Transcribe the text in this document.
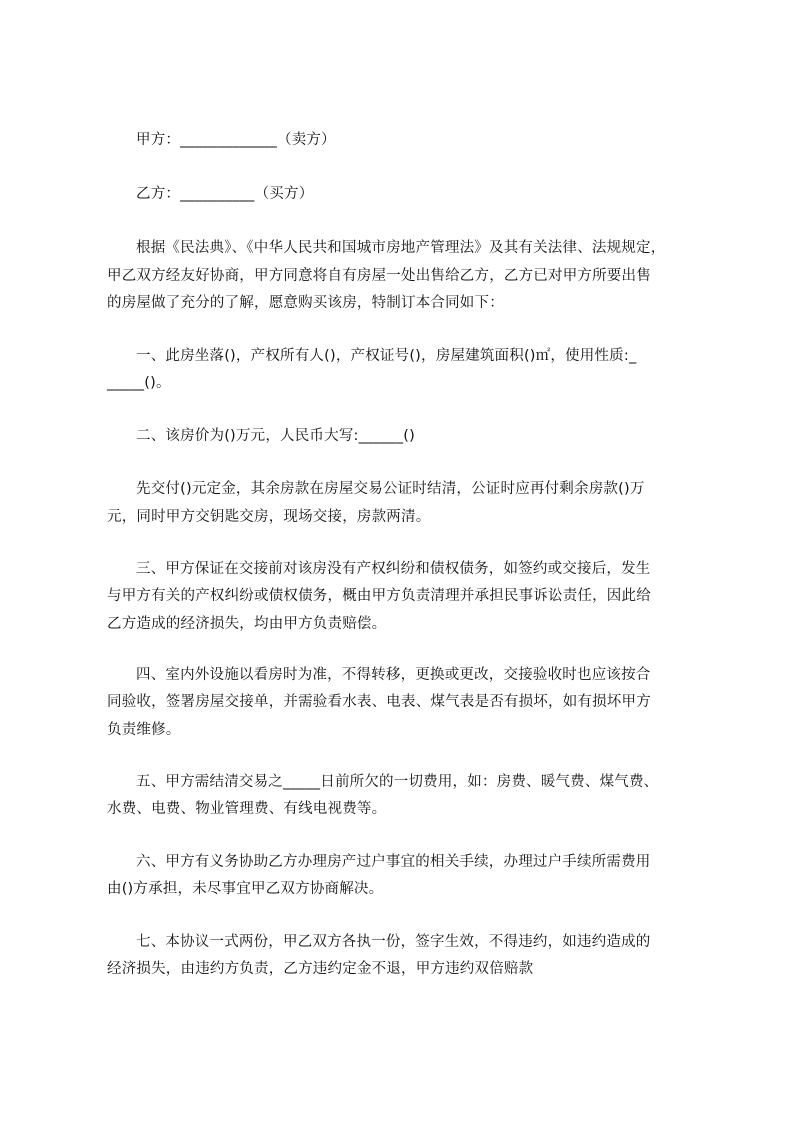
甲方：_____________（卖方）
乙方：__________（买方）
根据《民法典》、《中华人民共和国城市房地产管理法》及其有关法律、法规规定，
甲乙双方经友好协商，甲方同意将自有房屋一处出售给乙方，乙方已对甲方所要出售
的房屋做了充分的了解，愿意购买该房，特制订本合同如下：
一、此房坐落()，产权所有人()，产权证号()，房屋建筑面积()㎡，使用性质:_
_____()。
二、该房价为()万元，人民币大写:______()
先交付()元定金，其余房款在房屋交易公证时结清，公证时应再付剩余房款()万
元，同时甲方交钥匙交房，现场交接，房款两清。
三、甲方保证在交接前对该房没有产权纠纷和债权债务，如签约或交接后，发生
与甲方有关的产权纠纷或债权债务，概由甲方负责清理并承担民事诉讼责任，因此给
乙方造成的经济损失，均由甲方负责赔偿。
四、室内外设施以看房时为准，不得转移，更换或更改，交接验收时也应该按合
同验收，签署房屋交接单，并需验看水表、电表、煤气表是否有损坏，如有损坏甲方
负责维修。
五、甲方需结清交易之_____日前所欠的一切费用，如：房费、暖气费、煤气费、
水费、电费、物业管理费、有线电视费等。
六、甲方有义务协助乙方办理房产过户事宜的相关手续，办理过户手续所需费用
由()方承担，未尽事宜甲乙双方协商解决。
七、本协议一式两份，甲乙双方各执一份，签字生效，不得违约，如违约造成的
经济损失，由违约方负责，乙方违约定金不退，甲方违约双倍赔款
